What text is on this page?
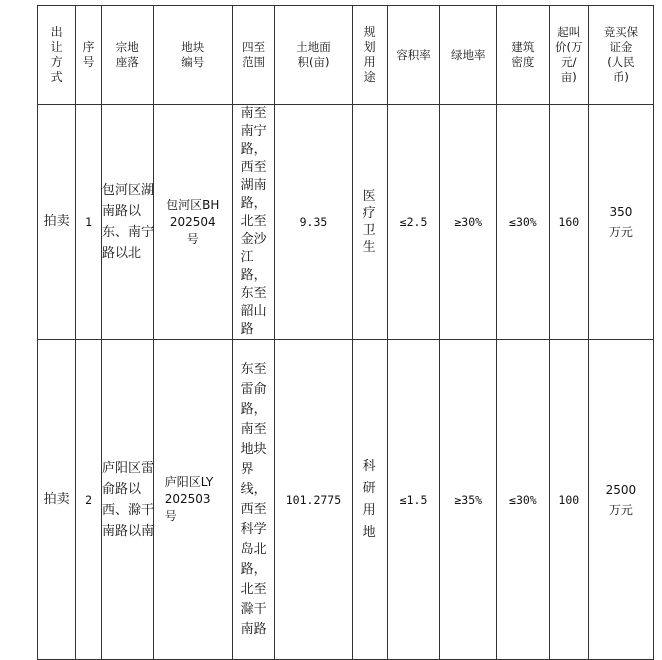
出让方式	序号	宗地座落	地块编号	四至范围	土地面积(亩)	规划用途	容积率	绿地率	建筑密度	起叫价(万元/亩)	竞买保证金(人民币)
拍卖	1	包河区湖南路以东、南宁路以北	包河区BH202504号	南至南宁路，西至湖南路，北至金沙江路，东至韶山路	9.35	医疗卫生	≤2.5	≥30%	≤30%	160	350万元
拍卖	2	庐阳区雷俞路以西、滁干南路以南	庐阳区LY202503号	东至雷俞路，南至地块界线，西至科学岛北路，北至滁干南路	101.2775	科研用地	≤1.5	≥35%	≤30%	100	2500万元
